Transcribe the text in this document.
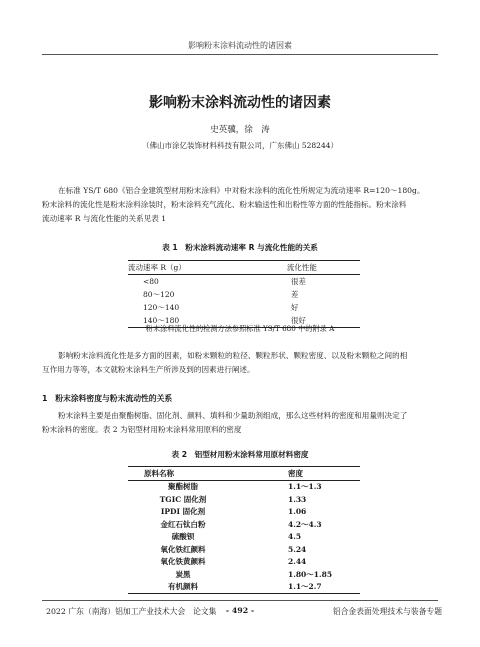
影响粉末涂料流动性的诸因素
影响粉末涂料流动性的诸因素
史英骥，徐　涛
（佛山市涂亿装饰材料科技有限公司，广东佛山 528244）
在标准 YS/T 680《铝合金建筑型材用粉末涂料》中对粉末涂料的流化性所规定为流动速率 R=120～180g。
粉末涂料的流化性是粉末涂料涂装时，粉末涂料充气流化、粉末输送性和出粉性等方面的性能指标。粉末涂料
流动速率 R 与流化性能的关系见表 1
表 1　粉末涂料流动速率 R 与流化性能的关系
流动速率 R（g）	流化性能
<80	很差
80～120	差
120～140	好
140～180	很好
粉末涂料流化性的检测方法参照标准 YS/T 680 中的附录 A
影响粉末涂料流化性是多方面的因素，如粉末颗粒的粒径、颗粒形状、颗粒密度、以及粉末颗粒之间的相
互作用力等等，本文就粉末涂料生产所涉及到的因素进行阐述。
1　粉末涂料密度与粉末流动性的关系
粉末涂料主要是由聚酯树脂、固化剂、颜料、填料和少量助剂组成，那么这些材料的密度和用量则决定了
粉末涂料的密度。表 2 为铝型材用粉末涂料常用原料的密度
表 2　铝型材用粉末涂料常用原材料密度
原料名称	密度
聚酯树脂	1.1～1.3
TGIC 固化剂	1.33
IPDI 固化剂	1.06
金红石钛白粉	4.2～4.3
硫酸钡	4.5
氧化铁红颜料	5.24
氧化铁黄颜料	2.44
炭黑	1.80～1.85
有机颜料	1.1～2.7
2022 广东（南海）铝加工产业技术大会　论文集	- 492 -	铝合金表面处理技术与装备专题
